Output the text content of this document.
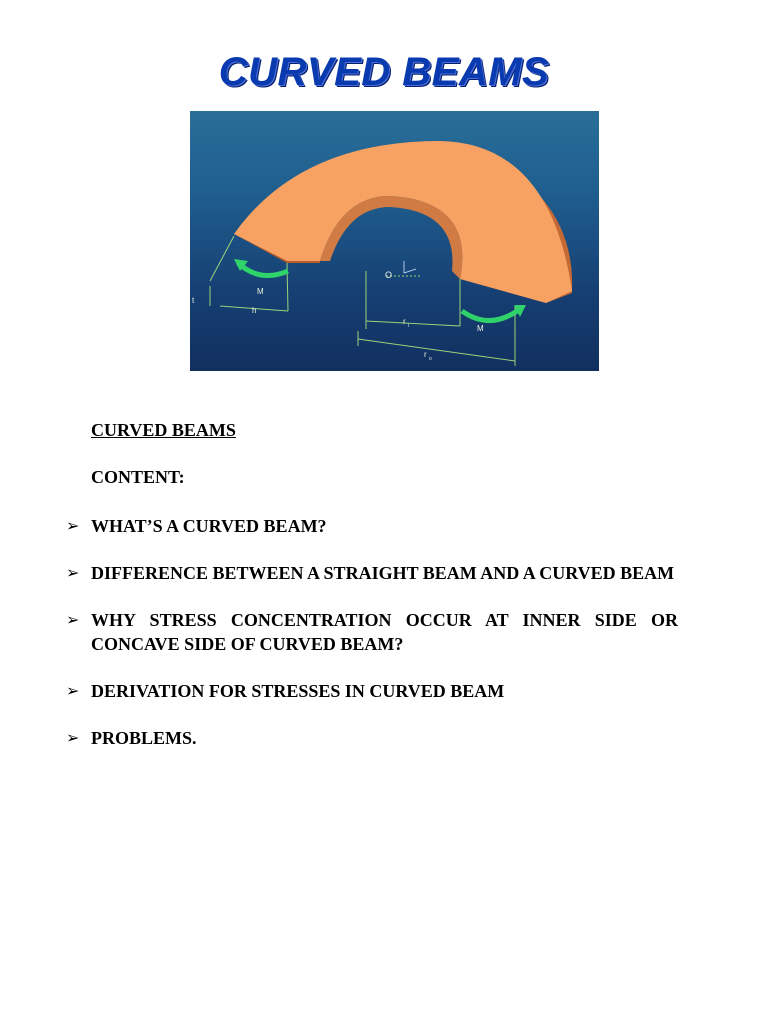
CURVED BEAMS
M
t
h
M
O
r i
r o
CURVED BEAMS
CONTENT:
➢ WHAT’S A CURVED BEAM?
➢ DIFFERENCE BETWEEN A STRAIGHT BEAM AND A CURVED BEAM
➢ WHY STRESS CONCENTRATION OCCUR AT INNER SIDE OR CONCAVE SIDE OF CURVED BEAM?
➢ DERIVATION FOR STRESSES IN CURVED BEAM
➢ PROBLEMS.
